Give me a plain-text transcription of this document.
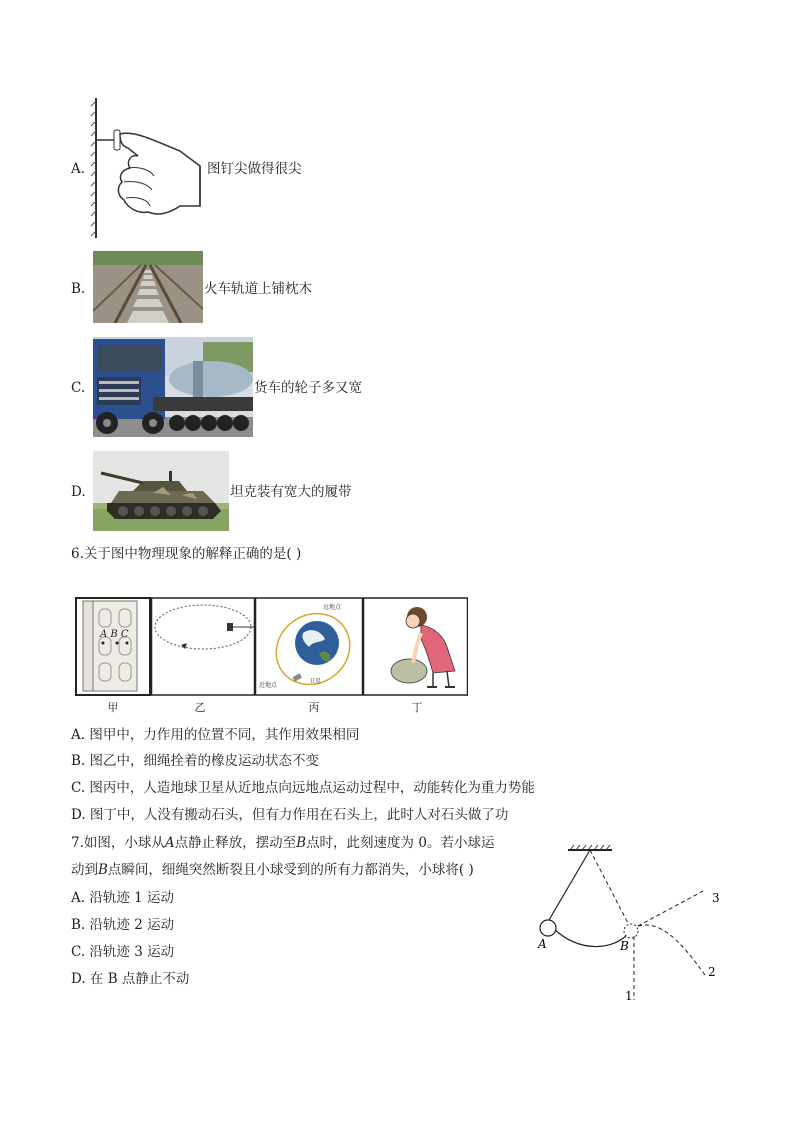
A.	图钉尖做得很尖
B.	火车轨道上铺枕木
C.	货车的轮子多又宽
D.	坦克装有宽大的履带
6.关于图中物理现象的解释正确的是( )
A B C
远地点
近地点
卫星
甲	乙	丙	丁
A. 图甲中，力作用的位置不同，其作用效果相同
B. 图乙中，细绳拴着的橡皮运动状态不变
C. 图丙中，人造地球卫星从近地点向远地点运动过程中，动能转化为重力势能
D. 图丁中，人没有搬动石头，但有力作用在石头上，此时人对石头做了功
7.如图，小球从A点静止释放，摆动至B点时，此刻速度为 0。若小球运
动到B点瞬间，细绳突然断裂且小球受到的所有力都消失，小球将( )
A. 沿轨迹 1 运动
B. 沿轨迹 2 运动
C. 沿轨迹 3 运动
D. 在 B 点静止不动
A	B
1
2
3
